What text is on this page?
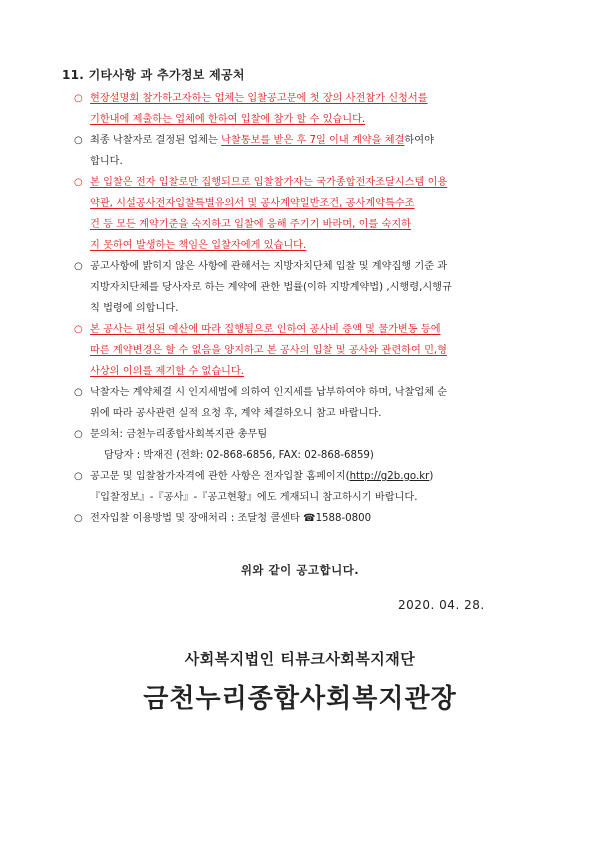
11. 기타사항 과 추가정보 제공처
○ 현장설명회 참가하고자하는 업체는 입찰공고문에 첫 장의 사전참가 신청서를
기한내에 제출하는 업체에 한하여 입찰에 참가 할 수 있습니다.
○ 최종 낙찰자로 결정된 업체는 낙찰통보를 받은 후 7일 이내 계약을 체결하여야
합니다.
○ 본 입찰은 전자 입찰로만 집행되므로 입찰참가자는 국가종합전자조달시스템 이용
약관, 시설공사전자입찰특별유의서 및 공사계약일반조건, 공사계약특수조
건 등 모든 계약기준을 숙지하고 입찰에 응해 주기기 바라며, 이를 숙지하
지 못하여 발생하는 책임은 입찰자에게 있습니다.
○ 공고사항에 밝히지 않은 사항에 관해서는 지방자치단체 입찰 및 계약집행 기준 과
지방자치단체를 당사자로 하는 계약에 관한 법률(이하 지방계약법) ,시행령,시행규
칙 법령에 의합니다.
○ 본 공사는 편성된 예산에 따라 집행됨으로 인하여 공사비 증액 및 물가변동 등에
따른 계약변경은 할 수 없음을 양지하고 본 공사의 입찰 및 공사와 관련하여 민,형
사상의 이의를 제기할 수 없습니다.
○ 낙찰자는 계약체결 시 인지세법에 의하여 인지세를 납부하여야 하며, 낙찰업체 순
위에 따라 공사관련 실적 요청 후, 계약 체결하오니 참고 바랍니다.
○ 문의처: 금천누리종합사회복지관 총무팀
담당자 : 박재진 (전화: 02-868-6856, FAX: 02-868-6859)
○ 공고문 및 입찰참가자격에 관한 사항은 전자입찰 홈페이지(http://g2b.go.kr)
『입찰정보』-『공사』-『공고현황』에도 게재되니 참고하시기 바랍니다.
○ 전자입찰 이용방법 및 장애처리 : 조달청 콜센타 ☎1588-0800
위와 같이 공고합니다.
2020. 04. 28.
사회복지법인 티뷰크사회복지재단
금천누리종합사회복지관장
